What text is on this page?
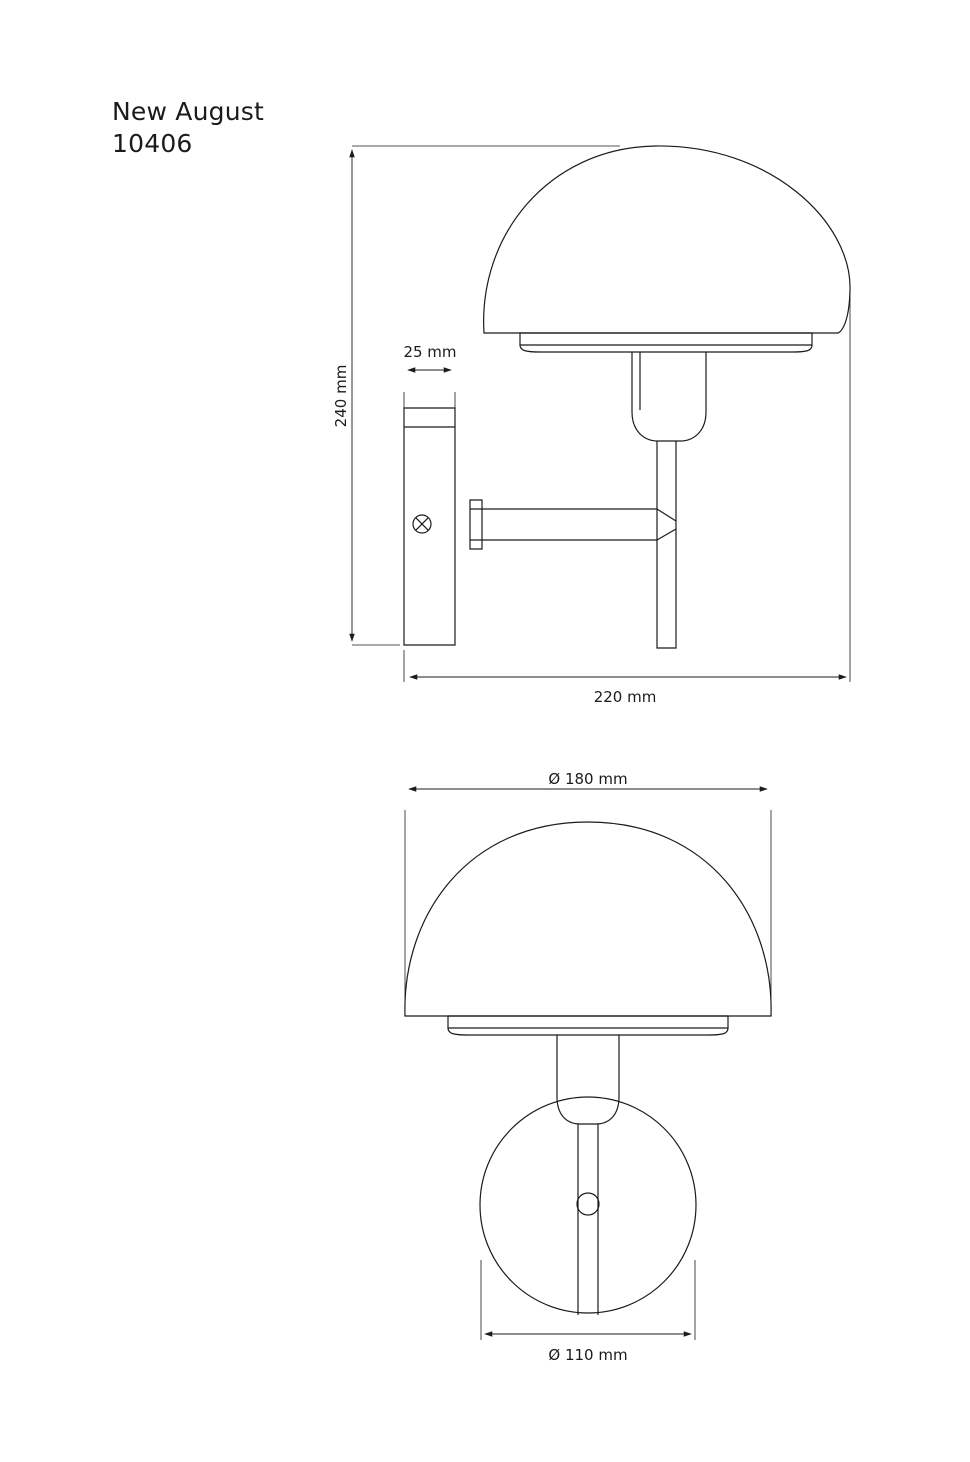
New August
10406
240 mm
25 mm
220 mm
Ø 180 mm
Ø 110 mm
